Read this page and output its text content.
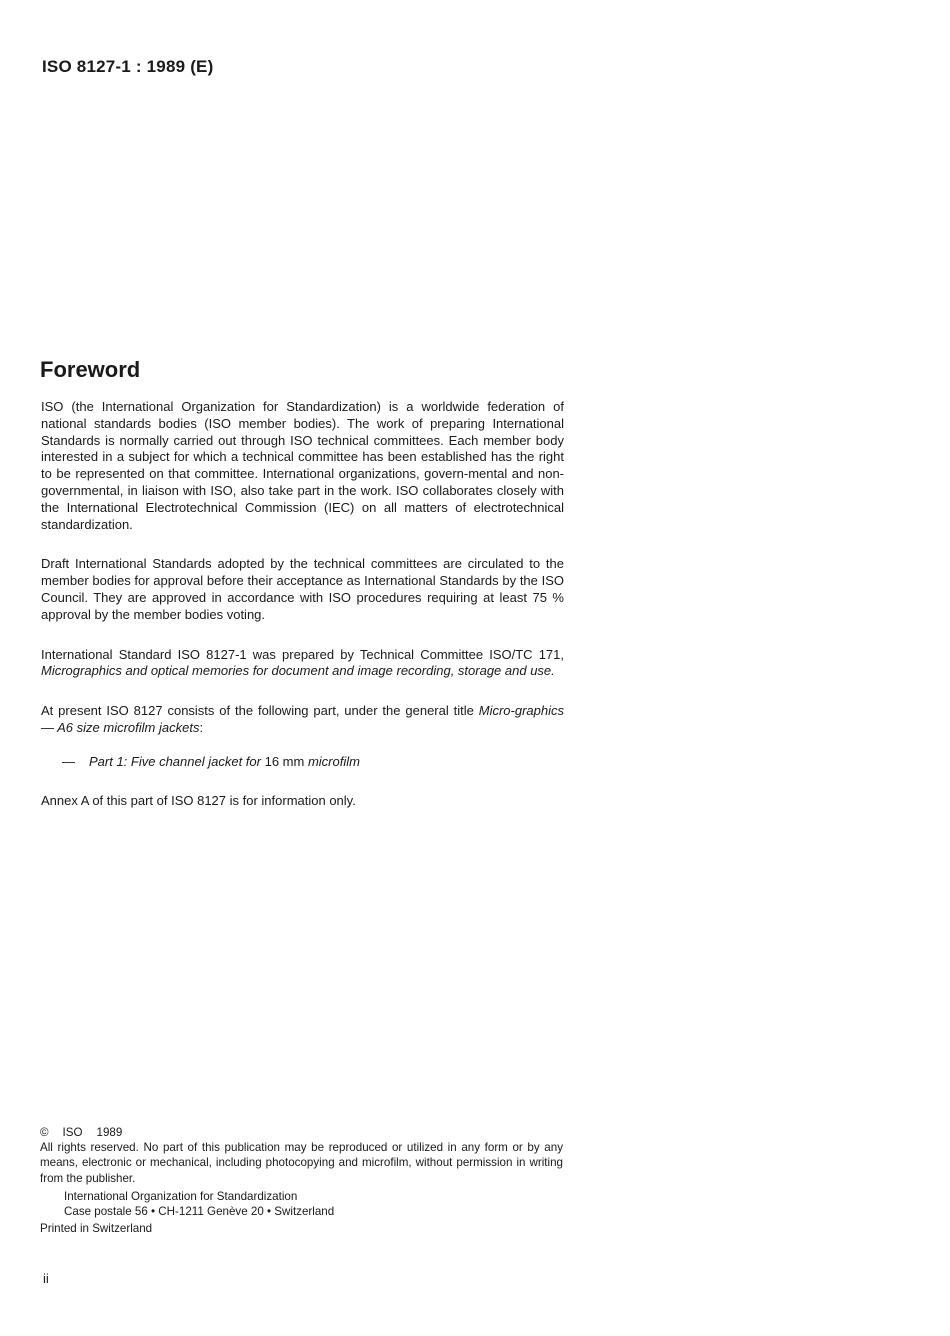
ISO 8127-1 : 1989 (E)
Foreword

ISO (the International Organization for Standardization) is a worldwide federation of national standards bodies (ISO member bodies). The work of preparing International Standards is normally carried out through ISO technical committees. Each member body interested in a subject for which a technical committee has been established has the right to be represented on that committee. International organizations, govern-mental and non-governmental, in liaison with ISO, also take part in the work. ISO collaborates closely with the International Electrotechnical Commission (IEC) on all matters of electrotechnical standardization.

Draft International Standards adopted by the technical committees are circulated to the member bodies for approval before their acceptance as International Standards by the ISO Council. They are approved in accordance with ISO procedures requiring at least 75 % approval by the member bodies voting.

International Standard ISO 8127-1 was prepared by Technical Committee ISO/TC 171, Micrographics and optical memories for document and image recording, storage and use.

At present ISO 8127 consists of the following part, under the general title Micro-graphics — A6 size microfilm jackets:

— Part 1: Five channel jacket for 16 mm microfilm

Annex A of this part of ISO 8127 is for information only.

© ISO 1989

All rights reserved. No part of this publication may be reproduced or utilized in any form or by any means, electronic or mechanical, including photocopying and microfilm, without permission in writing from the publisher.

International Organization for Standardization
Case postale 56 • CH-1211 Genève 20 • Switzerland
Printed in Switzerland
ii
